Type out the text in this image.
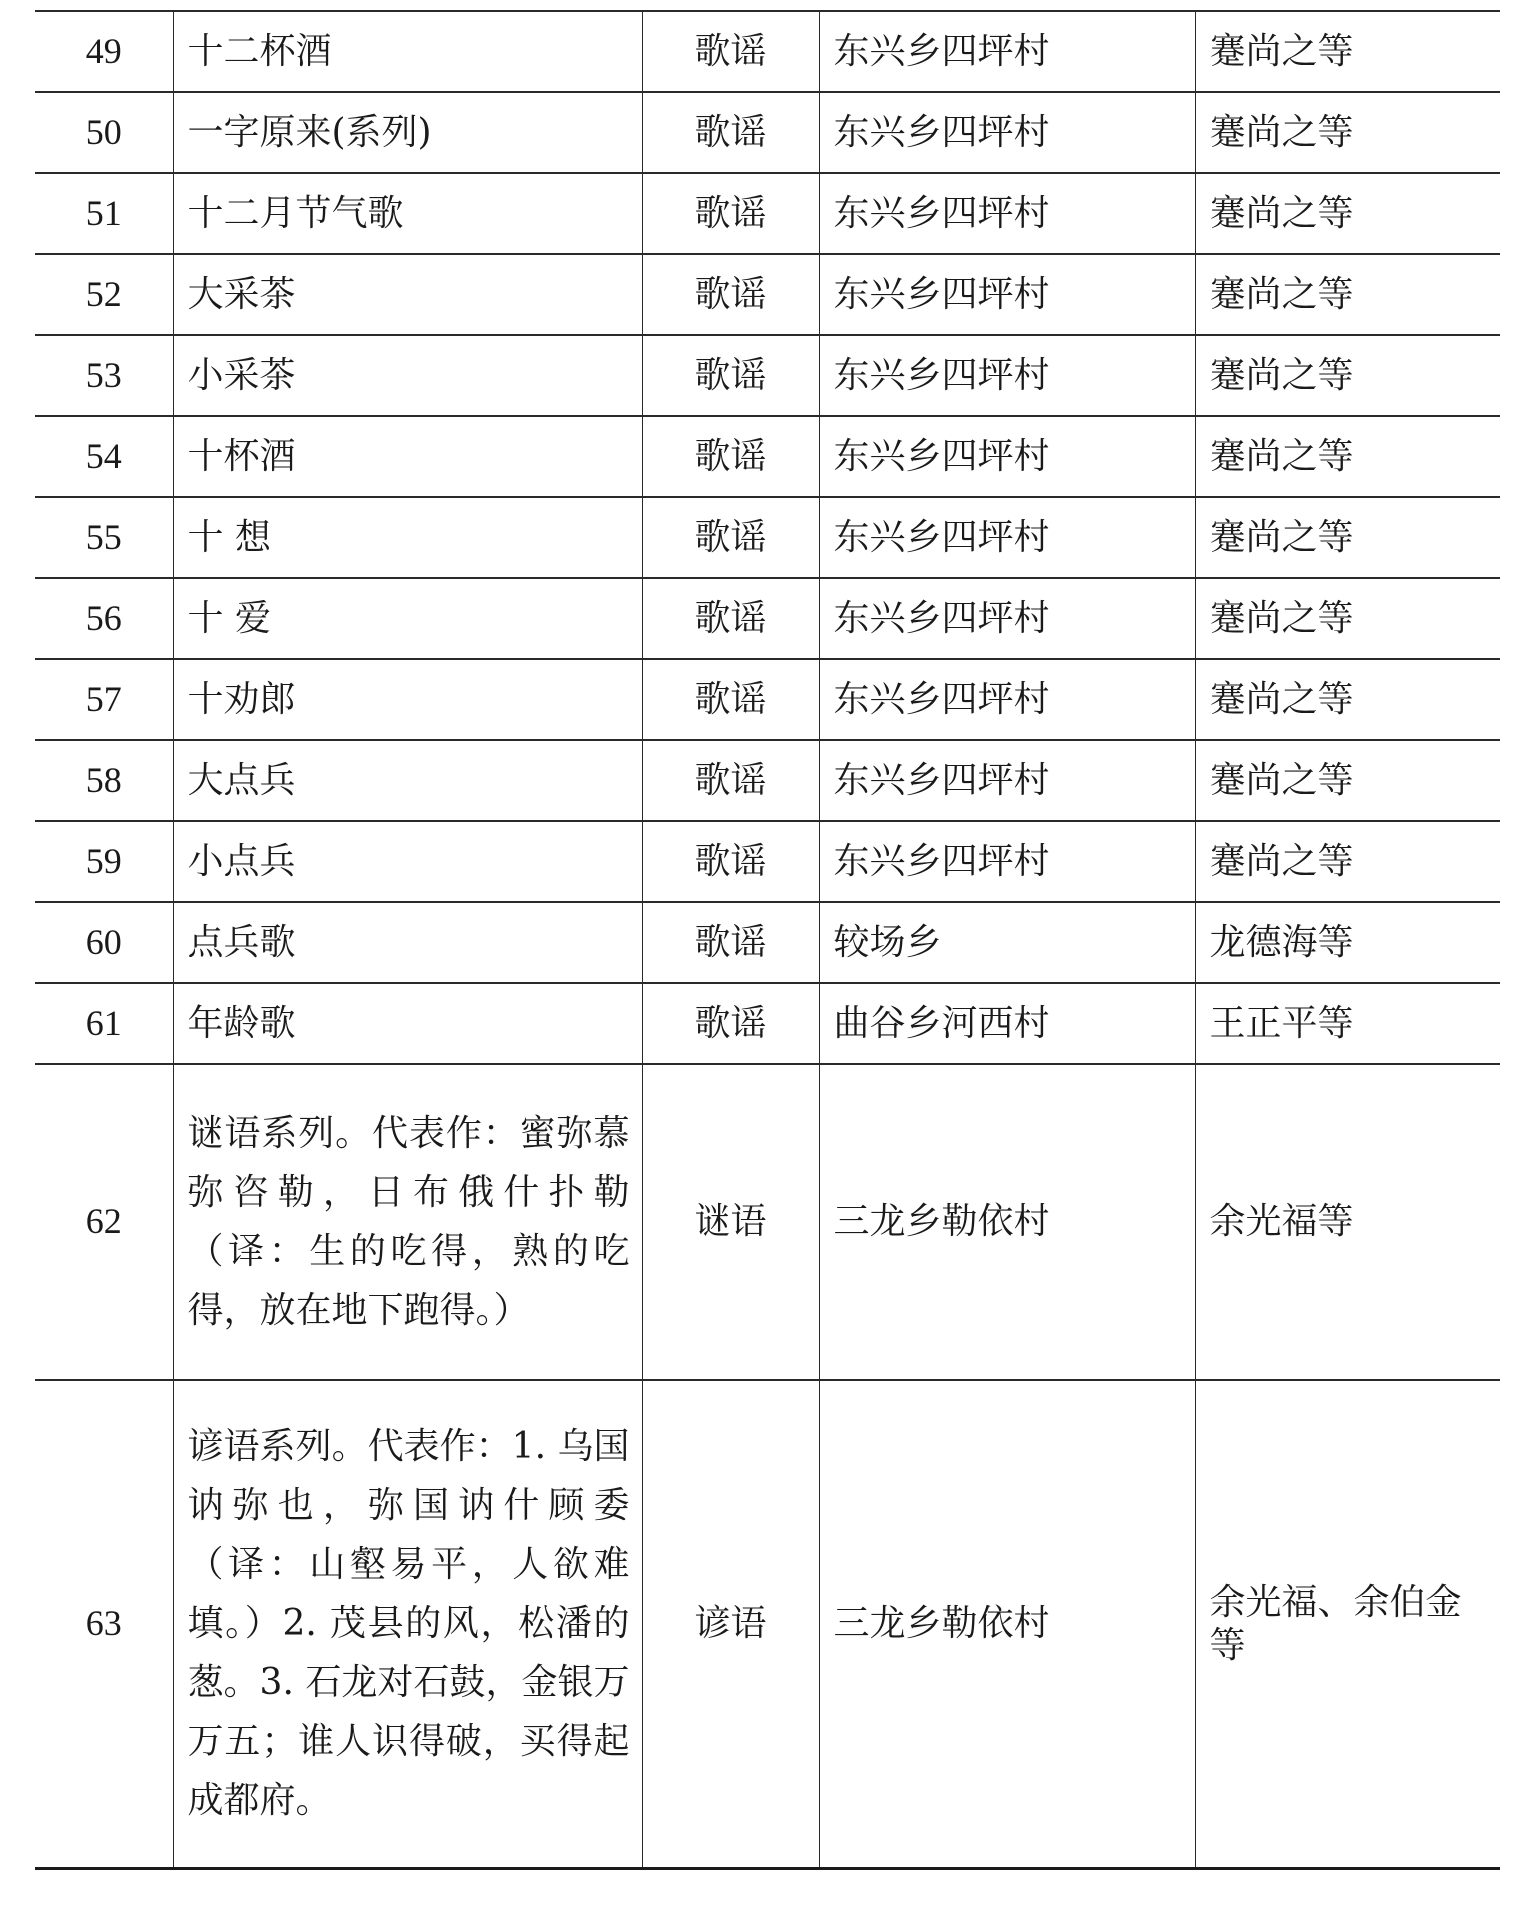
49	十二杯酒	歌谣	东兴乡四坪村	蹇尚之等
50	一字原来(系列)	歌谣	东兴乡四坪村	蹇尚之等
51	十二月节气歌	歌谣	东兴乡四坪村	蹇尚之等
52	大采茶	歌谣	东兴乡四坪村	蹇尚之等
53	小采茶	歌谣	东兴乡四坪村	蹇尚之等
54	十杯酒	歌谣	东兴乡四坪村	蹇尚之等
55	十 想	歌谣	东兴乡四坪村	蹇尚之等
56	十 爱	歌谣	东兴乡四坪村	蹇尚之等
57	十劝郎	歌谣	东兴乡四坪村	蹇尚之等
58	大点兵	歌谣	东兴乡四坪村	蹇尚之等
59	小点兵	歌谣	东兴乡四坪村	蹇尚之等
60	点兵歌	歌谣	较场乡	龙德海等
61	年龄歌	歌谣	曲谷乡河西村	王正平等
62	谜语系列。代表作：蜜弥慕弥咨勒，日布俄什扑勒（译：生的吃得，熟的吃得，放在地下跑得。）	谜语	三龙乡勒依村	余光福等
63	谚语系列。代表作：1. 乌国讷弥也，弥国讷什顾委（译：山壑易平，人欲难填。）2. 茂县的风，松潘的葱。3. 石龙对石鼓，金银万万五；谁人识得破，买得起成都府。	谚语	三龙乡勒依村	余光福、余伯金等
